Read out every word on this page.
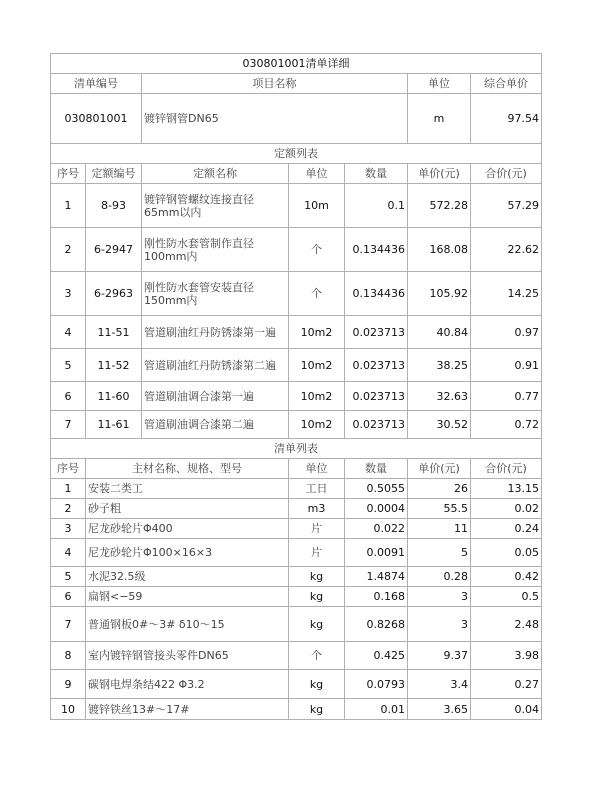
030801001清单详细						
清单编号		项目名称			单位	综合单价
030801001		镀锌钢管DN65			m	97.54
定额列表						
序号	定额编号	定额名称	单位	数量	单价(元)	合价(元)
1	8-93	镀锌钢管螺纹连接直径65mm以内	10m	0.1	572.28	57.29
2	6-2947	刚性防水套管制作直径100mm内	个	0.134436	168.08	22.62
3	6-2963	刚性防水套管安装直径150mm内	个	0.134436	105.92	14.25
4	11-51	管道刷油红丹防锈漆第一遍	10m2	0.023713	40.84	0.97
5	11-52	管道刷油红丹防锈漆第二遍	10m2	0.023713	38.25	0.91
6	11-60	管道刷油调合漆第一遍	10m2	0.023713	32.63	0.77
7	11-61	管道刷油调合漆第二遍	10m2	0.023713	30.52	0.72
清单列表						
序号	主材名称、规格、型号		单位	数量	单价(元)	合价(元)
1	安装二类工		工日	0.5055	26	13.15
2	砂子粗		m3	0.0004	55.5	0.02
3	尼龙砂轮片Φ400		片	0.022	11	0.24
4	尼龙砂轮片Φ100×16×3		片	0.0091	5	0.05
5	水泥32.5级		kg	1.4874	0.28	0.42
6	扁钢<−59		kg	0.168	3	0.5
7	普通钢板0#～3# δ10～15		kg	0.8268	3	2.48
8	室内镀锌钢管接头零件DN65		个	0.425	9.37	3.98
9	碳钢电焊条结422 Φ3.2		kg	0.0793	3.4	0.27
10	镀锌铁丝13#～17#		kg	0.01	3.65	0.04
